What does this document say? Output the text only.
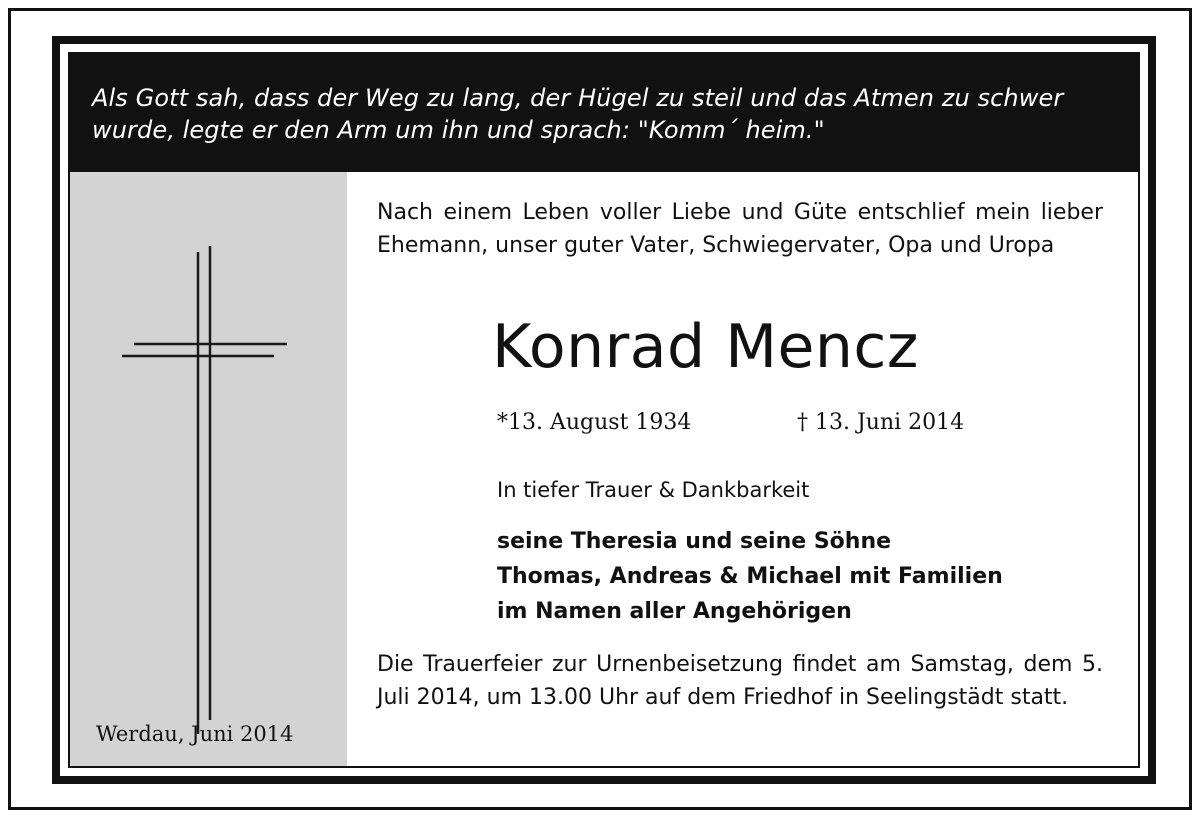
Als Gott sah, dass der Weg zu lang, der Hügel zu steil und das Atmen zu schwer wurde, legte er den Arm um ihn und sprach: "Komm´ heim."
Werdau, Juni 2014
Nach einem Leben voller Liebe und Güte entschlief mein lieber Ehemann, unser guter Vater, Schwiegervater, Opa und Uropa
Konrad Mencz
*13. August 1934	† 13. Juni 2014
In tiefer Trauer & Dankbarkeit
seine Theresia und seine Söhne
Thomas, Andreas & Michael mit Familien
im Namen aller Angehörigen
Die Trauerfeier zur Urnenbeisetzung findet am Samstag, dem 5. Juli 2014, um 13.00 Uhr auf dem Friedhof in Seelingstädt statt.
